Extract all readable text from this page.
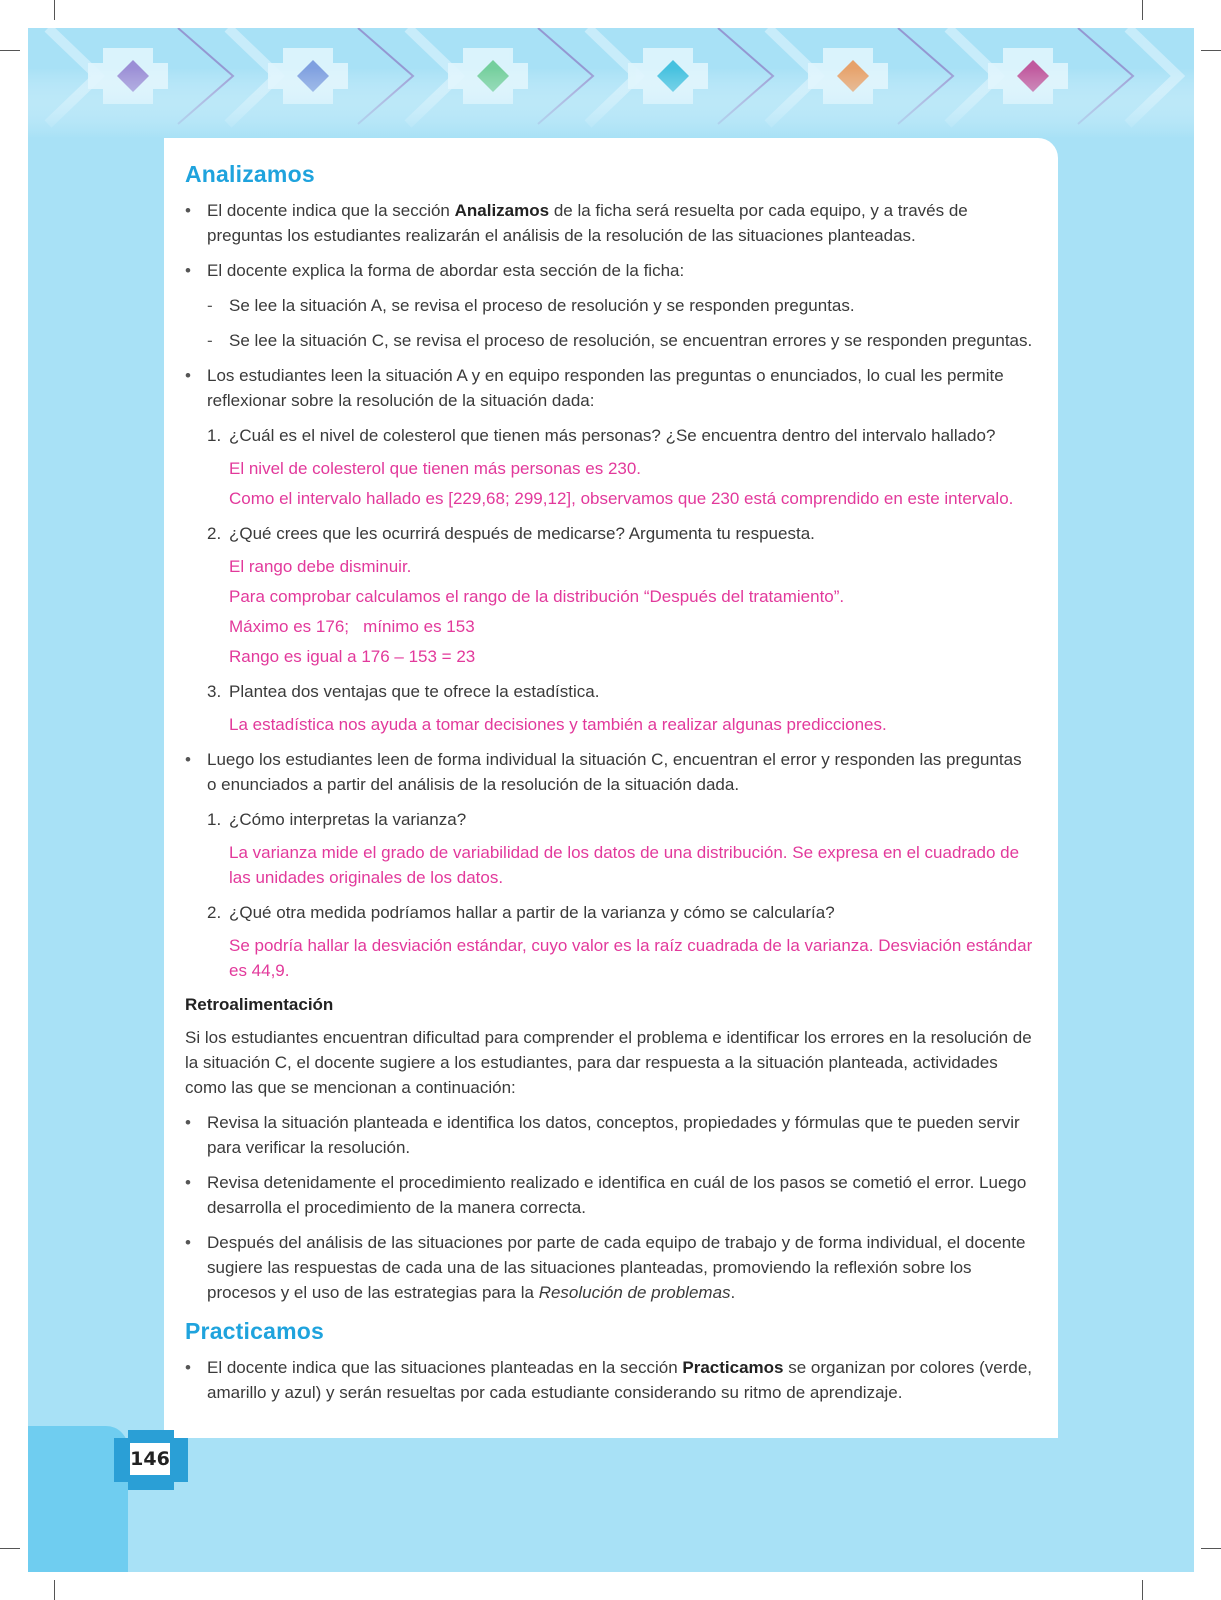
Analizamos
• El docente indica que la sección Analizamos de la ficha será resuelta por cada equipo, y a través de preguntas los estudiantes realizarán el análisis de la resolución de las situaciones planteadas.
• El docente explica la forma de abordar esta sección de la ficha:
- Se lee la situación A, se revisa el proceso de resolución y se responden preguntas.
- Se lee la situación C, se revisa el proceso de resolución, se encuentran errores y se responden preguntas.
• Los estudiantes leen la situación A y en equipo responden las preguntas o enunciados, lo cual les permite reflexionar sobre la resolución de la situación dada:
1. ¿Cuál es el nivel de colesterol que tienen más personas? ¿Se encuentra dentro del intervalo hallado?
El nivel de colesterol que tienen más personas es 230.
Como el intervalo hallado es [229,68; 299,12], observamos que 230 está comprendido en este intervalo.
2. ¿Qué crees que les ocurrirá después de medicarse? Argumenta tu respuesta.
El rango debe disminuir.
Para comprobar calculamos el rango de la distribución “Después del tratamiento”.
Máximo es 176;   mínimo es 153
Rango es igual a 176 – 153 = 23
3. Plantea dos ventajas que te ofrece la estadística.
La estadística nos ayuda a tomar decisiones y también a realizar algunas predicciones.
• Luego los estudiantes leen de forma individual la situación C, encuentran el error y responden las preguntas o enunciados a partir del análisis de la resolución de la situación dada.
1. ¿Cómo interpretas la varianza?
La varianza mide el grado de variabilidad de los datos de una distribución. Se expresa en el cuadrado de las unidades originales de los datos.
2. ¿Qué otra medida podríamos hallar a partir de la varianza y cómo se calcularía?
Se podría hallar la desviación estándar, cuyo valor es la raíz cuadrada de la varianza. Desviación estándar es 44,9.
Retroalimentación

Si los estudiantes encuentran dificultad para comprender el problema e identificar los errores en la resolución de la situación C, el docente sugiere a los estudiantes, para dar respuesta a la situación planteada, actividades como las que se mencionan a continuación:

• Revisa la situación planteada e identifica los datos, conceptos, propiedades y fórmulas que te pueden servir para verificar la resolución.
• Revisa detenidamente el procedimiento realizado e identifica en cuál de los pasos se cometió el error. Luego desarrolla el procedimiento de la manera correcta.
• Después del análisis de las situaciones por parte de cada equipo de trabajo y de forma individual, el docente sugiere las respuestas de cada una de las situaciones planteadas, promoviendo la reflexión sobre los procesos y el uso de las estrategias para la Resolución de problemas.
Practicamos
• El docente indica que las situaciones planteadas en la sección Practicamos se organizan por colores (verde, amarillo y azul) y serán resueltas por cada estudiante considerando su ritmo de aprendizaje.
146
